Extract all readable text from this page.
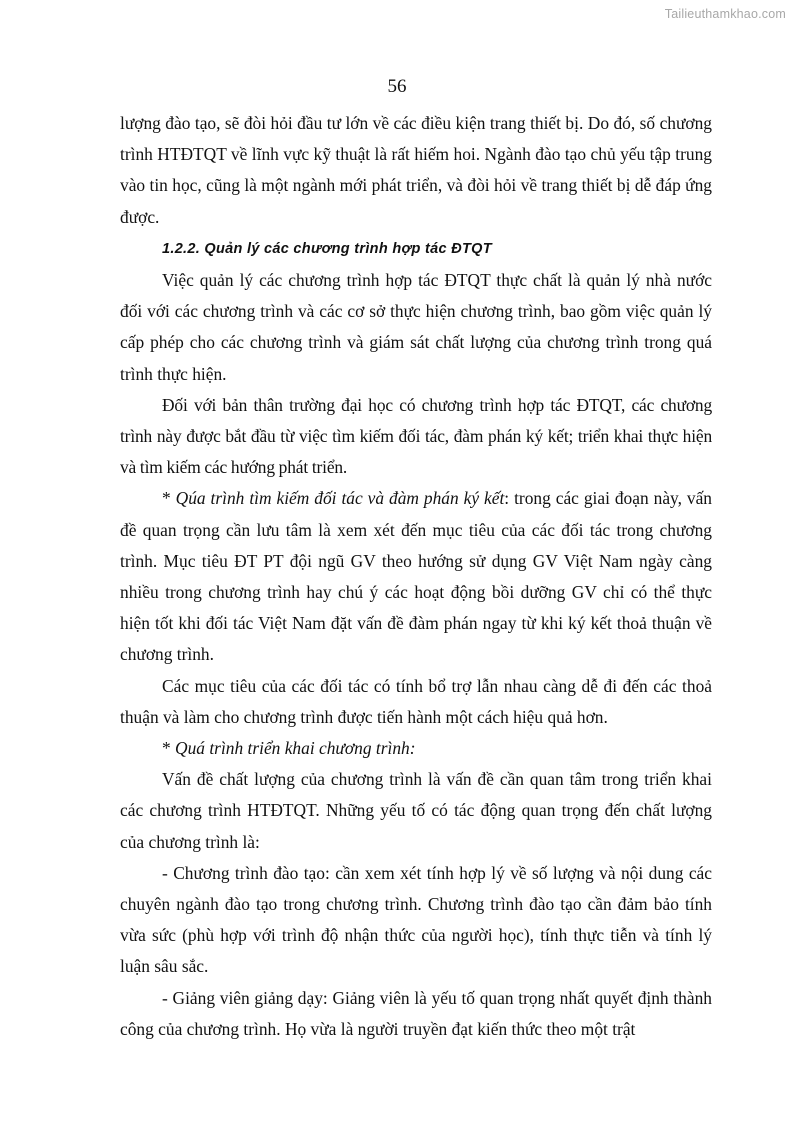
Tailieuthamkhao.com
56

lượng đào tạo, sẽ đòi hỏi đầu tư lớn về các điều kiện trang thiết bị. Do đó, số chương trình HTĐTQT về lĩnh vực kỹ thuật là rất hiếm hoi. Ngành đào tạo chủ yếu tập trung vào tin học, cũng là một ngành mới phát triển, và đòi hỏi về trang thiết bị dễ đáp ứng được.

1.2.2. Quản lý các chương trình hợp tác ĐTQT

Việc quản lý các chương trình hợp tác ĐTQT thực chất là quản lý nhà nước đối với các chương trình và các cơ sở thực hiện chương trình, bao gồm việc quản lý cấp phép cho các chương trình và giám sát chất lượng của chương trình trong quá trình thực hiện.

Đối với bản thân trường đại học có chương trình hợp tác ĐTQT, các chương trình này được bắt đầu từ việc tìm kiếm đối tác, đàm phán ký kết; triển khai thực hiện và tìm kiếm các hướng phát triển.

* Qúa trình tìm kiếm đối tác và đàm phán ký kết: trong các giai đoạn này, vấn đề quan trọng cần lưu tâm là xem xét đến mục tiêu của các đối tác trong chương trình. Mục tiêu ĐT PT đội ngũ GV theo hướng sử dụng GV Việt Nam ngày càng nhiều trong chương trình hay chú ý các hoạt động bồi dưỡng GV chỉ có thể thực hiện tốt khi đối tác Việt Nam đặt vấn đề đàm phán ngay từ khi ký kết thoả thuận về chương trình.

Các mục tiêu của các đối tác có tính bổ trợ lẫn nhau càng dễ đi đến các thoả thuận và làm cho chương trình được tiến hành một cách hiệu quả hơn.

* Quá trình triển khai chương trình:

Vấn đề chất lượng của chương trình là vấn đề cần quan tâm trong triển khai các chương trình HTĐTQT. Những yếu tố có tác động quan trọng đến chất lượng của chương trình là:

- Chương trình đào tạo: cần xem xét tính hợp lý về số lượng và nội dung các chuyên ngành đào tạo trong chương trình. Chương trình đào tạo cần đảm bảo tính vừa sức (phù hợp với trình độ nhận thức của người học), tính thực tiễn và tính lý luận sâu sắc.

- Giảng viên giảng dạy: Giảng viên là yếu tố quan trọng nhất quyết định thành công của chương trình. Họ vừa là người truyền đạt kiến thức theo một trật
